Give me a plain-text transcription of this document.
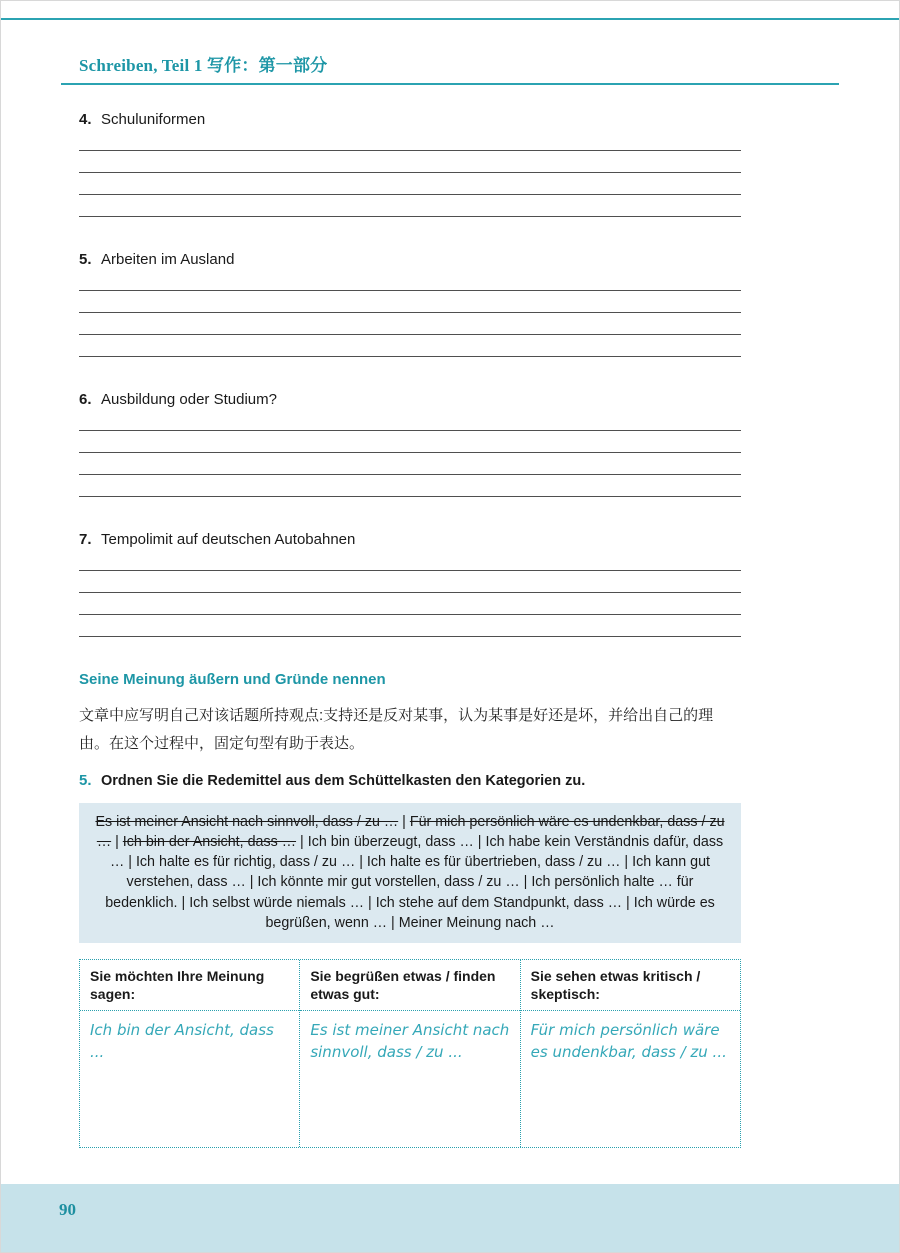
Schreiben, Teil 1 写作：第一部分
4. Schuluniformen
5. Arbeiten im Ausland
6. Ausbildung oder Studium?
7. Tempolimit auf deutschen Autobahnen
Seine Meinung äußern und Gründe nennen
文章中应写明自己对该话题所持观点:支持还是反对某事，认为某事是好还是坏，并给出自己的理由。在这个过程中，固定句型有助于表达。
5. Ordnen Sie die Redemittel aus dem Schüttelkasten den Kategorien zu.
Es ist meiner Ansicht nach sinnvoll, dass / zu … | Für mich persönlich wäre es undenkbar, dass / zu … | Ich bin der Ansicht, dass … | Ich bin überzeugt, dass … | Ich habe kein Verständnis dafür, dass … | Ich halte es für richtig, dass / zu … | Ich halte es für übertrieben, dass / zu … | Ich kann gut verstehen, dass … | Ich könnte mir gut vorstellen, dass / zu … | Ich persönlich halte … für bedenklich. | Ich selbst würde niemals … | Ich stehe auf dem Standpunkt, dass … | Ich würde es begrüßen, wenn … | Meiner Meinung nach …
Sie möchten Ihre Meinung sagen:
Ich bin der Ansicht, dass ...
Sie begrüßen etwas / finden etwas gut:
Es ist meiner Ansicht nach sinnvoll, dass / zu ...
Sie sehen etwas kritisch / skeptisch:
Für mich persönlich wäre es undenkbar, dass / zu ...
90
